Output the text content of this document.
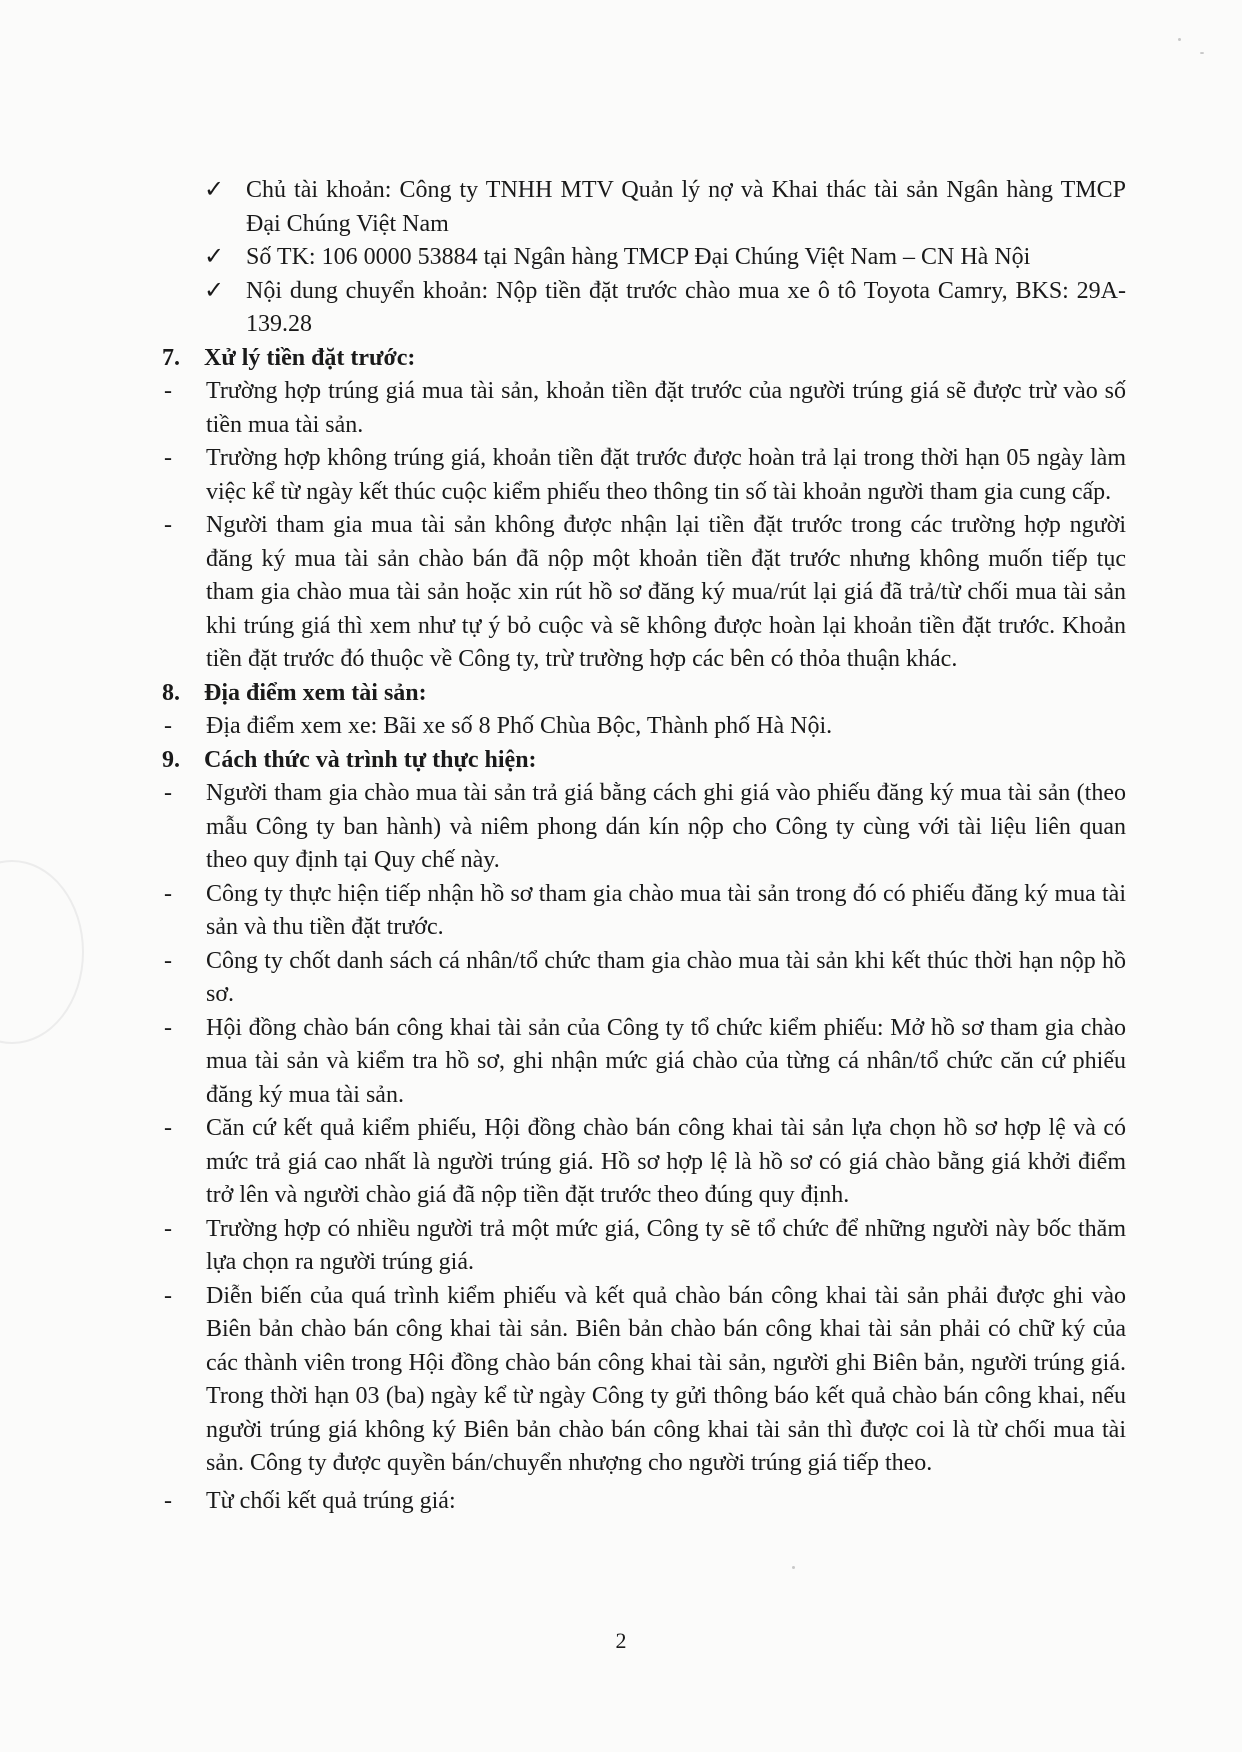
✓ Chủ tài khoản: Công ty TNHH MTV Quản lý nợ và Khai thác tài sản Ngân hàng TMCP Đại Chúng Việt Nam
✓ Số TK: 106 0000 53884 tại Ngân hàng TMCP Đại Chúng Việt Nam – CN Hà Nội
✓ Nội dung chuyển khoản: Nộp tiền đặt trước chào mua xe ô tô Toyota Camry, BKS: 29A-139.28
7. Xử lý tiền đặt trước:
- Trường hợp trúng giá mua tài sản, khoản tiền đặt trước của người trúng giá sẽ được trừ vào số tiền mua tài sản.
- Trường hợp không trúng giá, khoản tiền đặt trước được hoàn trả lại trong thời hạn 05 ngày làm việc kể từ ngày kết thúc cuộc kiểm phiếu theo thông tin số tài khoản người tham gia cung cấp.
- Người tham gia mua tài sản không được nhận lại tiền đặt trước trong các trường hợp người đăng ký mua tài sản chào bán đã nộp một khoản tiền đặt trước nhưng không muốn tiếp tục tham gia chào mua tài sản hoặc xin rút hồ sơ đăng ký mua/rút lại giá đã trả/từ chối mua tài sản khi trúng giá thì xem như tự ý bỏ cuộc và sẽ không được hoàn lại khoản tiền đặt trước. Khoản tiền đặt trước đó thuộc về Công ty, trừ trường hợp các bên có thỏa thuận khác.
8. Địa điểm xem tài sản:
- Địa điểm xem xe: Bãi xe số 8 Phố Chùa Bộc, Thành phố Hà Nội.
9. Cách thức và trình tự thực hiện:
- Người tham gia chào mua tài sản trả giá bằng cách ghi giá vào phiếu đăng ký mua tài sản (theo mẫu Công ty ban hành) và niêm phong dán kín nộp cho Công ty cùng với tài liệu liên quan theo quy định tại Quy chế này.
- Công ty thực hiện tiếp nhận hồ sơ tham gia chào mua tài sản trong đó có phiếu đăng ký mua tài sản và thu tiền đặt trước.
- Công ty chốt danh sách cá nhân/tổ chức tham gia chào mua tài sản khi kết thúc thời hạn nộp hồ sơ.
- Hội đồng chào bán công khai tài sản của Công ty tổ chức kiểm phiếu: Mở hồ sơ tham gia chào mua tài sản và kiểm tra hồ sơ, ghi nhận mức giá chào của từng cá nhân/tổ chức căn cứ phiếu đăng ký mua tài sản.
- Căn cứ kết quả kiểm phiếu, Hội đồng chào bán công khai tài sản lựa chọn hồ sơ hợp lệ và có mức trả giá cao nhất là người trúng giá. Hồ sơ hợp lệ là hồ sơ có giá chào bằng giá khởi điểm trở lên và người chào giá đã nộp tiền đặt trước theo đúng quy định.
- Trường hợp có nhiều người trả một mức giá, Công ty sẽ tổ chức để những người này bốc thăm lựa chọn ra người trúng giá.
- Diễn biến của quá trình kiểm phiếu và kết quả chào bán công khai tài sản phải được ghi vào Biên bản chào bán công khai tài sản. Biên bản chào bán công khai tài sản phải có chữ ký của các thành viên trong Hội đồng chào bán công khai tài sản, người ghi Biên bản, người trúng giá. Trong thời hạn 03 (ba) ngày kể từ ngày Công ty gửi thông báo kết quả chào bán công khai, nếu người trúng giá không ký Biên bản chào bán công khai tài sản thì được coi là từ chối mua tài sản. Công ty được quyền bán/chuyển nhượng cho người trúng giá tiếp theo.
- Từ chối kết quả trúng giá:
2
